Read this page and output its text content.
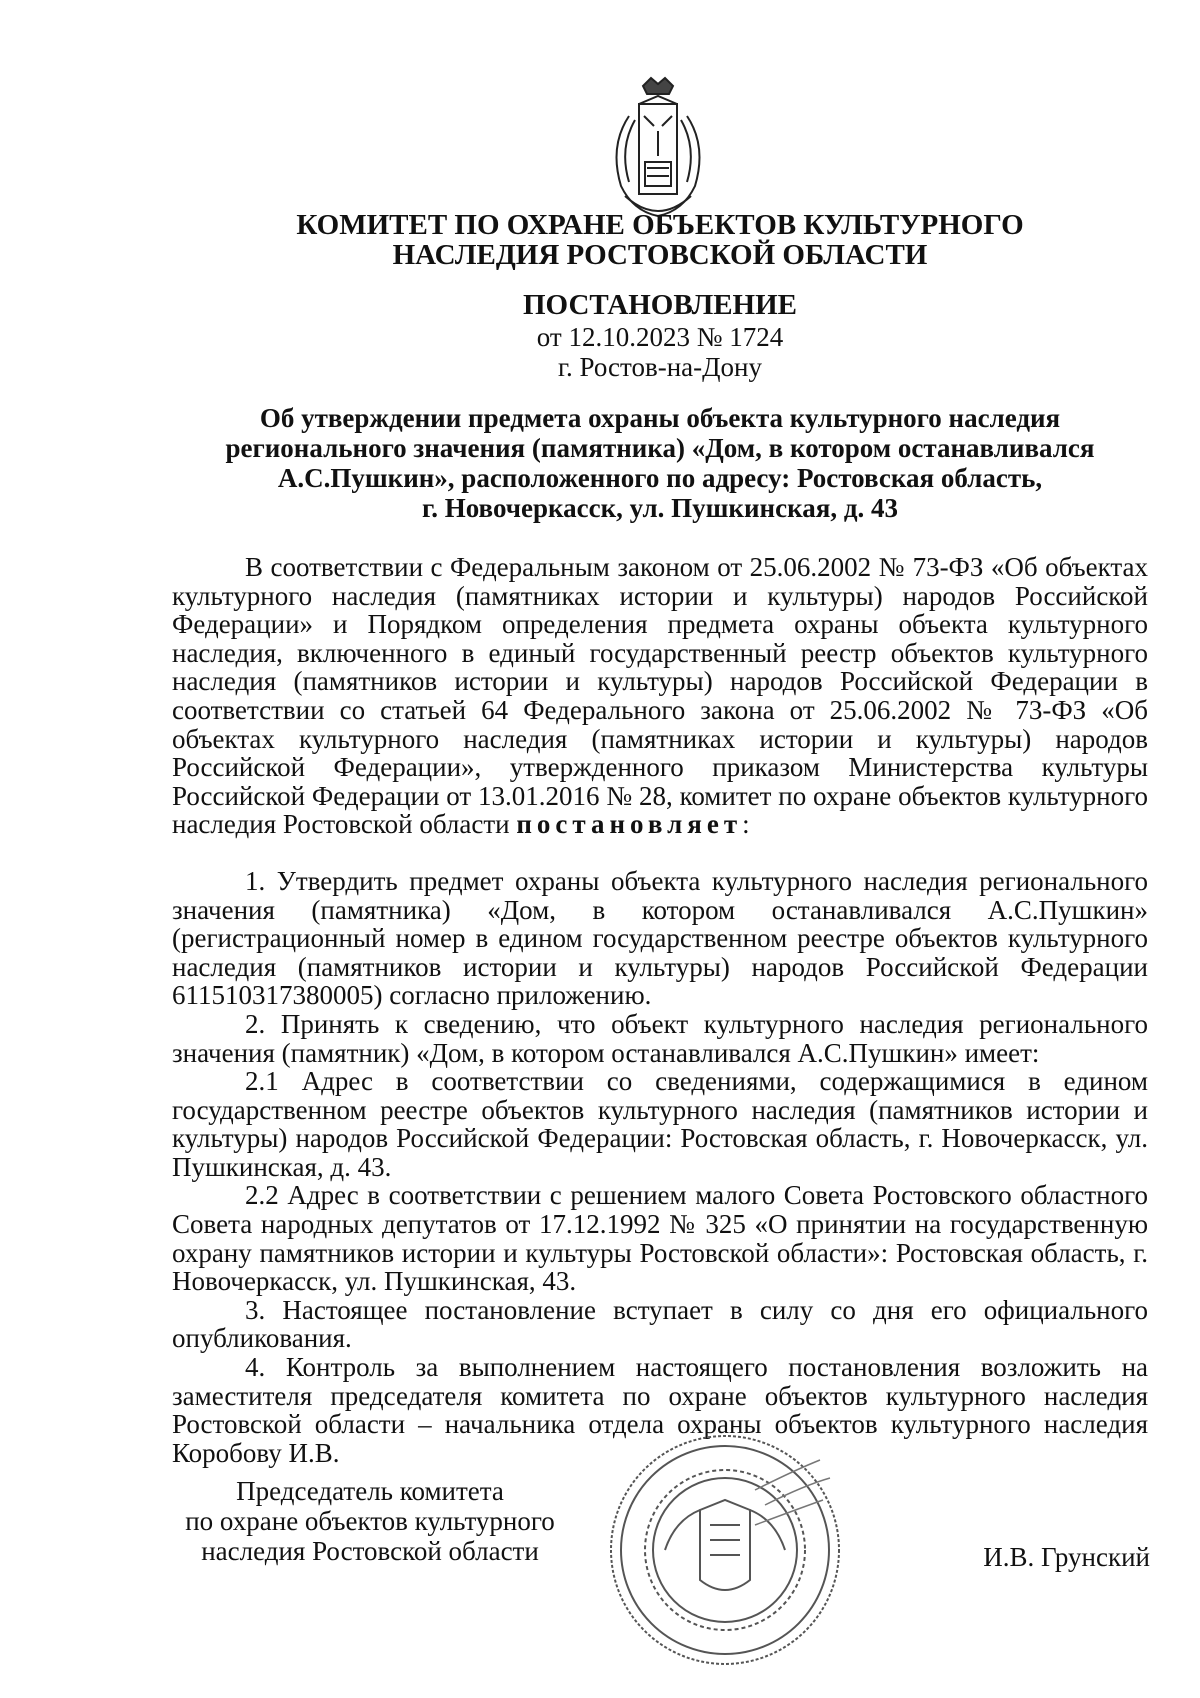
КОМИТЕТ ПО ОХРАНЕ ОБЪЕКТОВ КУЛЬТУРНОГО
НАСЛЕДИЯ РОСТОВСКОЙ ОБЛАСТИ
ПОСТАНОВЛЕНИЕ
от 12.10.2023 № 1724
г. Ростов-на-Дону
Об утверждении предмета охраны объекта культурного наследия
регионального значения (памятника) «Дом, в котором останавливался
А.С.Пушкин», расположенного по адресу: Ростовская область,
г. Новочеркасск, ул. Пушкинская, д. 43

В соответствии с Федеральным законом от 25.06.2002 № 73-ФЗ «Об объектах культурного наследия (памятниках истории и культуры) народов Российской Федерации» и Порядком определения предмета охраны объекта культурного наследия, включенного в единый государственный реестр объектов культурного наследия (памятников истории и культуры) народов Российской Федерации в соответствии со статьей 64 Федерального закона от 25.06.2002 № 73-ФЗ «Об объектах культурного наследия (памятниках истории и культуры) народов Российской Федерации», утвержденного приказом Министерства культуры Российской Федерации от 13.01.2016 № 28, комитет по охране объектов культурного наследия Ростовской области постановляет:

1. Утвердить предмет охраны объекта культурного наследия регионального значения (памятника) «Дом, в котором останавливался А.С.Пушкин» (регистрационный номер в едином государственном реестре объектов культурного наследия (памятников истории и культуры) народов Российской Федерации 611510317380005) согласно приложению.

2. Принять к сведению, что объект культурного наследия регионального значения (памятник) «Дом, в котором останавливался А.С.Пушкин» имеет:

2.1 Адрес в соответствии со сведениями, содержащимися в едином государственном реестре объектов культурного наследия (памятников истории и культуры) народов Российской Федерации: Ростовская область, г. Новочеркасск, ул. Пушкинская, д. 43.

2.2 Адрес в соответствии с решением малого Совета Ростовского областного Совета народных депутатов от 17.12.1992 № 325 «О принятии на государственную охрану памятников истории и культуры Ростовской области»: Ростовская область, г. Новочеркасск, ул. Пушкинская, 43.

3. Настоящее постановление вступает в силу со дня его официального опубликования.

4. Контроль за выполнением настоящего постановления возложить на заместителя председателя комитета по охране объектов культурного наследия Ростовской области – начальника отдела охраны объектов культурного наследия Коробову И.В.

Председатель комитета
по охране объектов культурного
наследия Ростовской области	И.В. Грунский
